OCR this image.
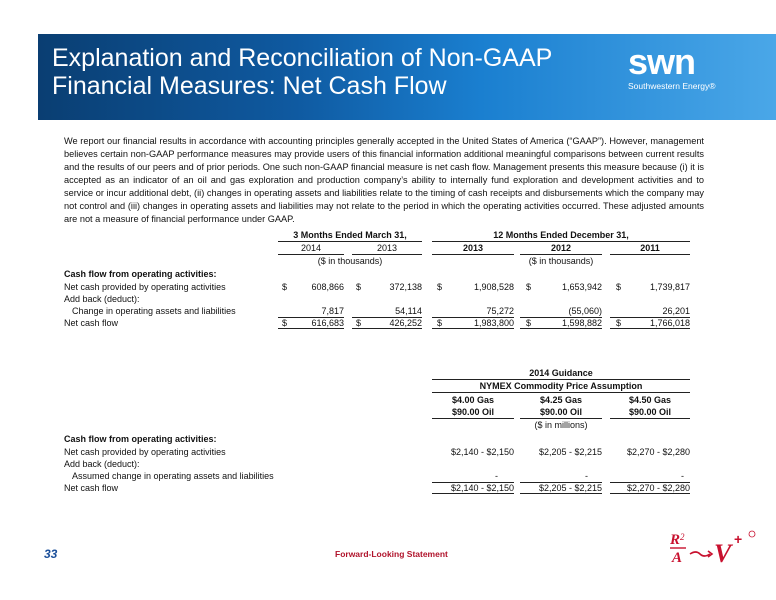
Explanation and Reconciliation of Non-GAAP
Financial Measures: Net Cash Flow
swn
Southwestern Energy®

We report our financial results in accordance with accounting principles generally accepted in the United States of America (“GAAP”). However, management believes certain non-GAAP performance measures may provide users of this financial information additional meaningful comparisons between current results and the results of our peers and of prior periods. One such non-GAAP financial measure is net cash flow. Management presents this measure because (i) it is accepted as an indicator of an oil and gas exploration and production company’s ability to internally fund exploration and development activities and to service or incur additional debt, (ii) changes in operating assets and liabilities relate to the timing of cash receipts and disbursements which the company may not control and (iii) changes in operating assets and liabilities may not relate to the period in which the operating activities occurred. These adjusted amounts are not a measure of financial performance under GAAP.

3 Months Ended March 31,	12 Months Ended December 31,
2014	2013	2013	2012	2011
($ in thousands)	($ in thousands)
Cash flow from operating activities:
Net cash provided by operating activities	$	608,866 $	372,138 $	1,908,528 $	1,653,942 $	1,739,817
Add back (deduct):
Change in operating assets and liabilities	7,817	54,114	75,272	(55,060)	26,201
Net cash flow	$	616,683 $	426,252 $	1,983,800 $	1,598,882 $	1,766,018
2014 Guidance
NYMEX Commodity Price Assumption
$4.00 Gas	$4.25 Gas	$4.50 Gas
$90.00 Oil	$90.00 Oil	$90.00 Oil
($ in millions)
Cash flow from operating activities:
Net cash provided by operating activities	$2,140 - $2,150	$2,205 - $2,215	$2,270 - $2,280
Add back (deduct):
Assumed change in operating assets and liabilities	-	-	-
Net cash flow	$2,140 - $2,150	$2,205 - $2,215	$2,270 - $2,280
33	Forward-Looking Statement
R 2
A V +
